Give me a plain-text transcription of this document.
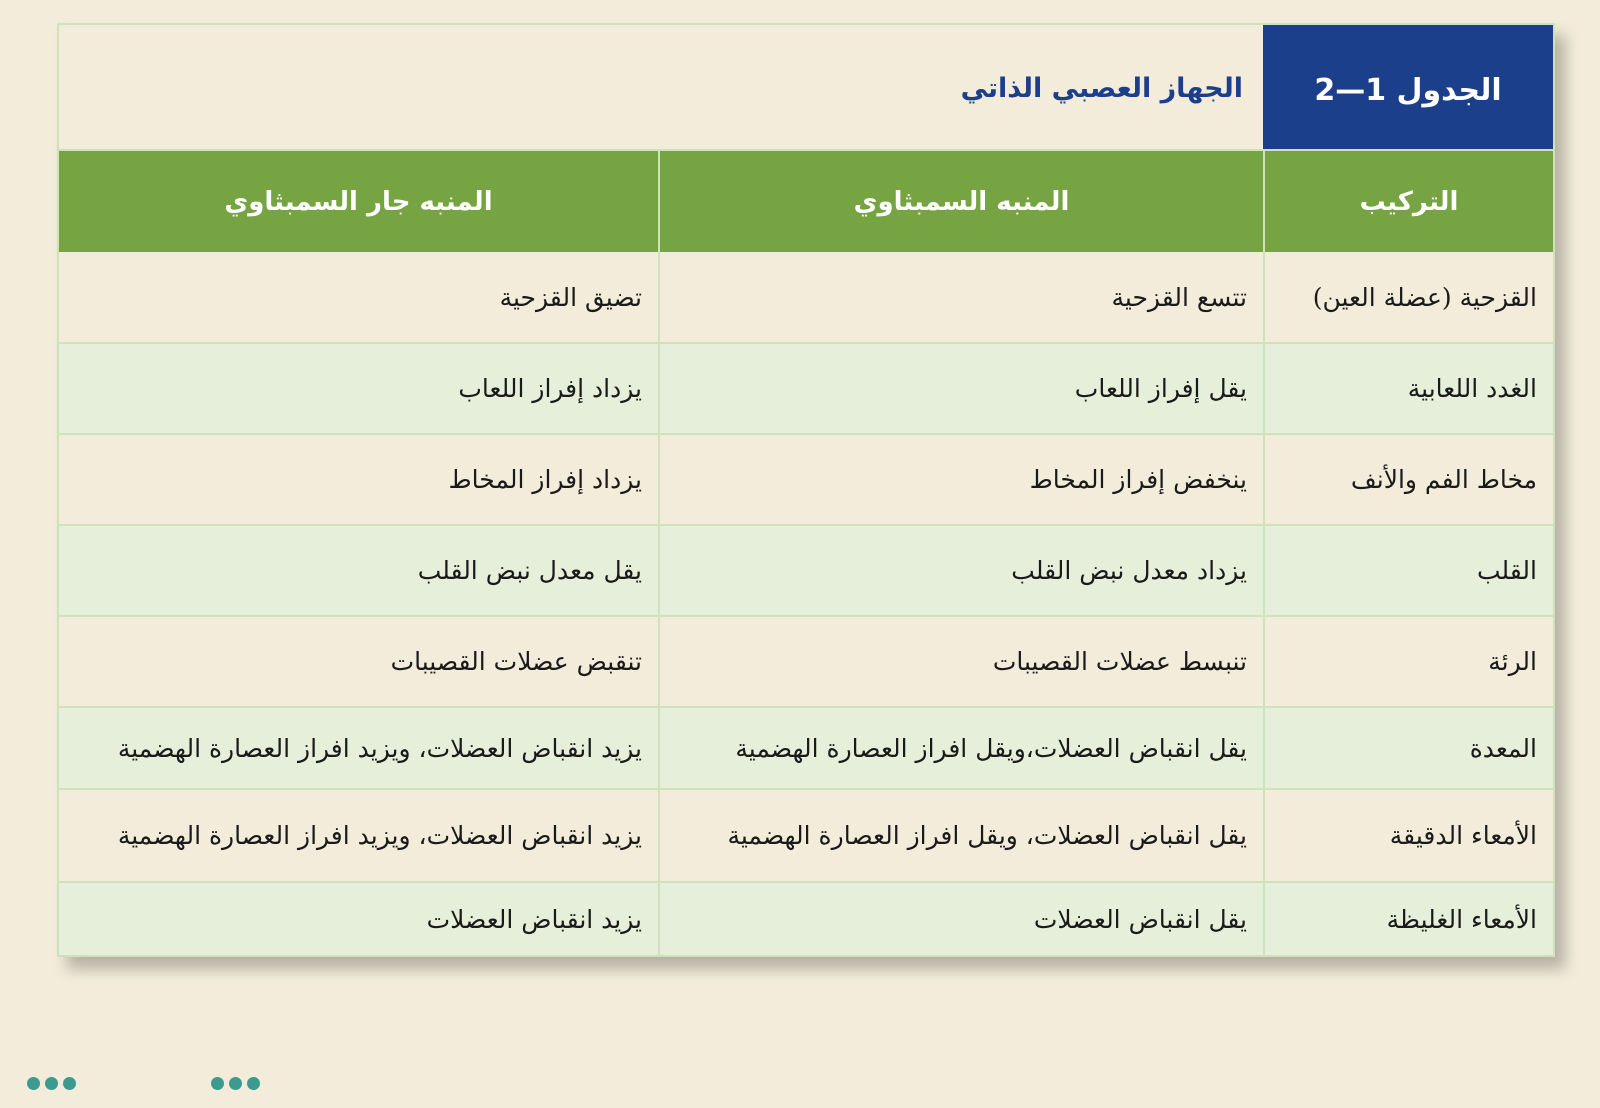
الجدول 1—2
الجهاز العصبي الذاتي
التركيب
المنبه السمبثاوي
المنبه جار السمبثاوي
القزحية (عضلة العين)
تتسع القزحية
تضيق القزحية
الغدد اللعابية
يقل إفراز اللعاب
يزداد إفراز اللعاب
مخاط الفم والأنف
ينخفض إفراز المخاط
يزداد إفراز المخاط
القلب
يزداد معدل نبض القلب
يقل معدل نبض القلب
الرئة
تنبسط عضلات القصيبات
تنقبض عضلات القصيبات
المعدة
يقل انقباض العضلات،ويقل افراز العصارة الهضمية
يزيد انقباض العضلات، ويزيد افراز العصارة الهضمية
الأمعاء الدقيقة
يقل انقباض العضلات، ويقل افراز العصارة الهضمية
يزيد انقباض العضلات، ويزيد افراز العصارة الهضمية
الأمعاء الغليظة
يقل انقباض العضلات
يزيد انقباض العضلات
